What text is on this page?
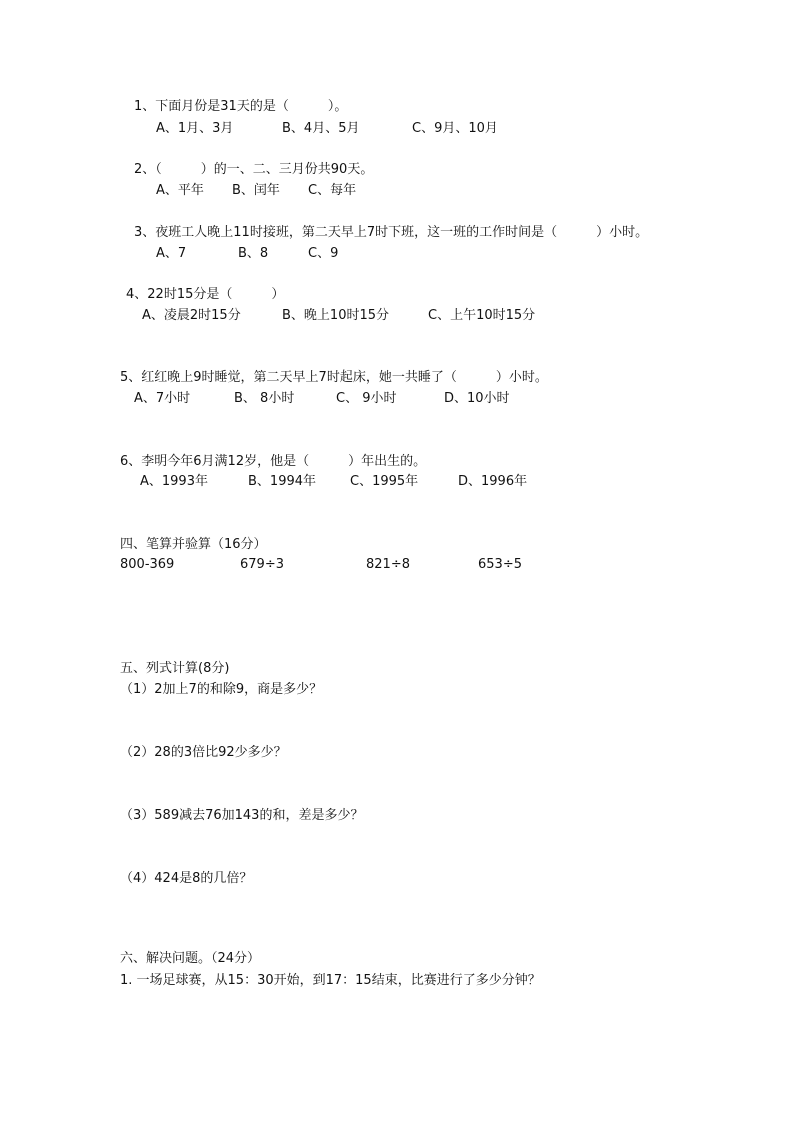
1、下面月份是31天的是（　　　）。
A、1月、3月	B、4月、5月	C、9月、10月
2、（　　　）的一、二、三月份共90天。
A、平年 B、闰年 C、每年
3、夜班工人晚上11时接班，第二天早上7时下班，这一班的工作时间是（　　　）小时。
A、7	B、8	C、9
4、22时15分是（　　　）
A、凌晨2时15分	B、晚上10时15分	C、上午10时15分
5、红红晚上9时睡觉，第二天早上7时起床，她一共睡了（　　　）小时。
A、7小时	B、 8小时	C、 9小时	D、10小时
6、李明今年6月满12岁，他是（　　　）年出生的。
A、1993年	B、1994年	C、1995年	D、1996年
四、笔算并验算（16分）
800-369	679÷3	821÷8	653÷5
五、列式计算(8分)
（1）2加上7的和除9，商是多少？
（2）28的3倍比92少多少？
（3）589减去76加143的和，差是多少？
（4）424是8的几倍？
六、解决问题。（24分）
1. 一场足球赛，从15：30开始，到17：15结束，比赛进行了多少分钟？
